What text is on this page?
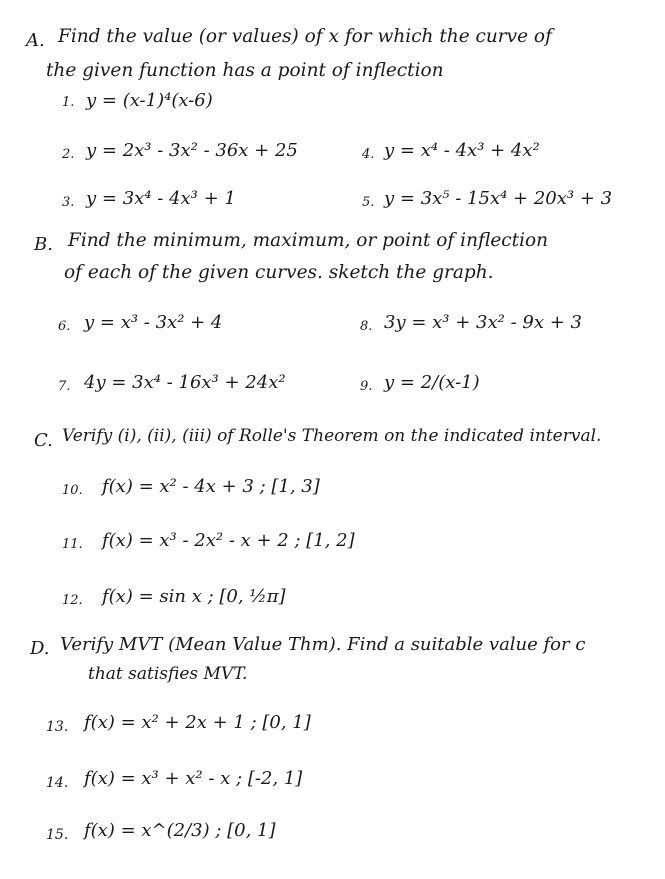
A. Find the value (or values) of x for which the curve of
the given function has a point of inflection
1. y = (x-1)⁴(x-6)
2. y = 2x³ - 3x² - 36x + 25
3. y = 3x⁴ - 4x³ + 1
4. y = x⁴ - 4x³ + 4x²
5. y = 3x⁵ - 15x⁴ + 20x³ + 3
B. Find the minimum, maximum, or point of inflection
of each of the given curves. sketch the graph.
6. y = x³ - 3x² + 4
7. 4y = 3x⁴ - 16x³ + 24x²
8. 3y = x³ + 3x² - 9x + 3
9. y = 2/(x-1)
C. Verify (i), (ii), (iii) of Rolle's Theorem on the indicated interval.
10. f(x) = x² - 4x + 3 ; [1, 3]
11. f(x) = x³ - 2x² - x + 2 ; [1, 2]
12. f(x) = sin x ; [0, ½π]
D. Verify MVT (Mean Value Thm). Find a suitable value for c
that satisfies MVT.
13. f(x) = x² + 2x + 1 ; [0, 1]
14. f(x) = x³ + x² - x ; [-2, 1]
15. f(x) = x^(2/3) ; [0, 1]
